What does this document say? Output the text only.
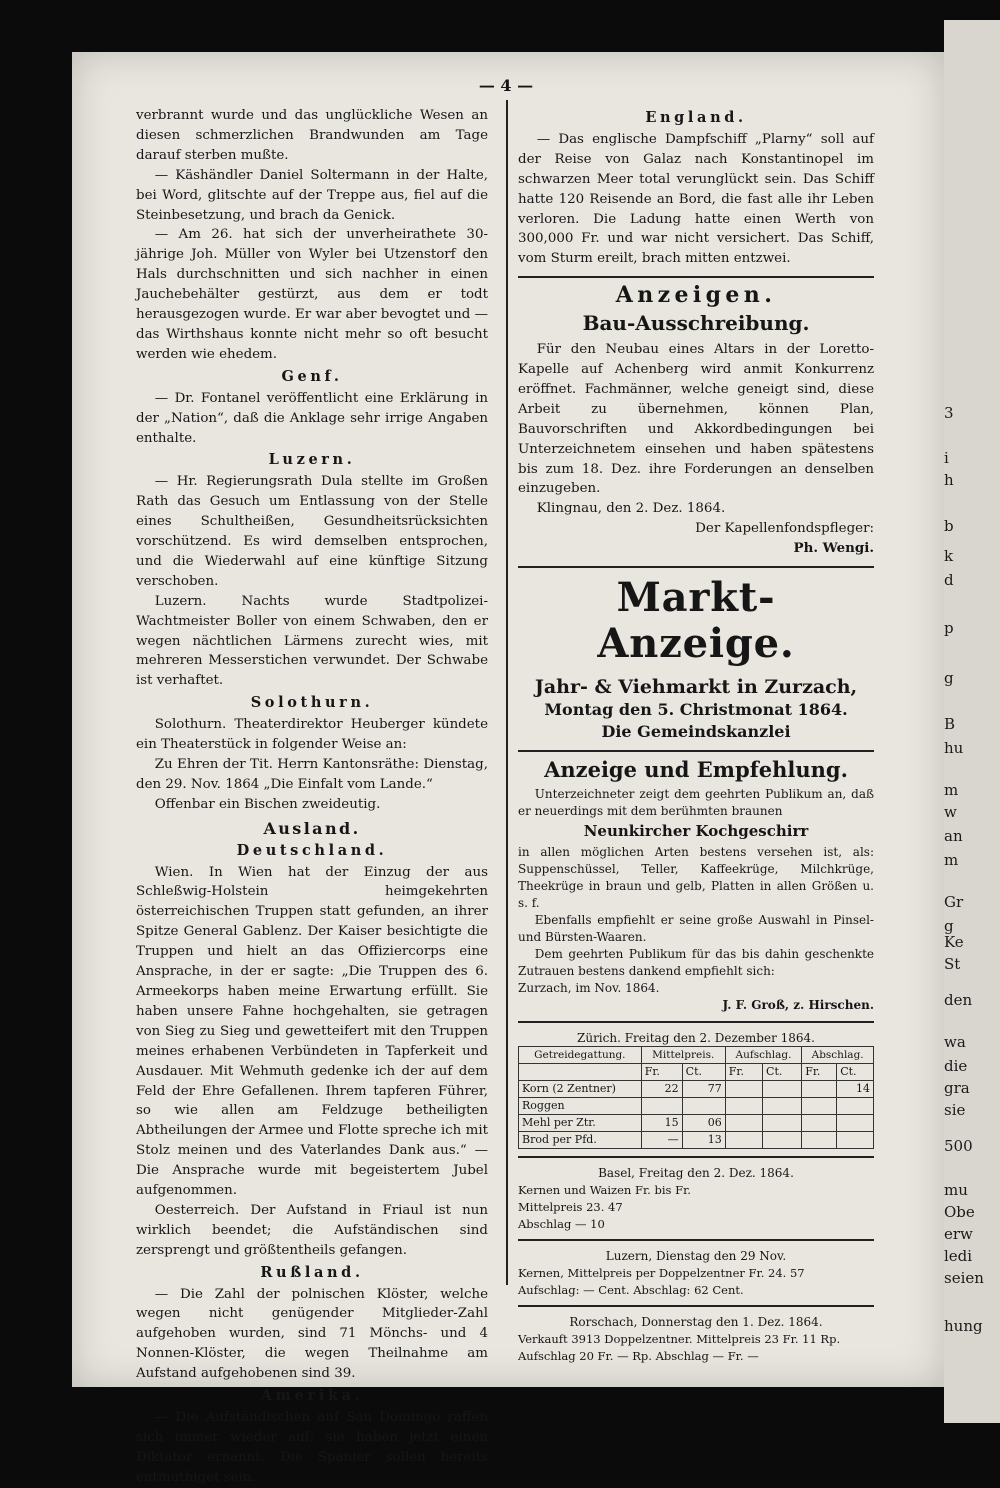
3
i
h
b
k
d
p
g
B
hu
m
w
an
m
Gr
g
Ke
St
den
wa
die
gra
sie
500
mu
Obe
erw
ledi
seien
hung
— 4 —

verbrannt wurde und das unglückliche Wesen an diesen schmerzlichen Brandwunden am Tage darauf sterben mußte.

— Käshändler Daniel Soltermann in der Halte, bei Word, glitschte auf der Treppe aus, fiel auf die Steinbesetzung, und brach da Genick.

— Am 26. hat sich der unverheirathete 30-jährige Joh. Müller von Wyler bei Utzenstorf den Hals durchschnitten und sich nachher in einen Jauchebehälter gestürzt, aus dem er todt herausgezogen wurde. Er war aber bevogtet und — das Wirthshaus konnte nicht mehr so oft besucht werden wie ehedem.

Genf.

— Dr. Fontanel veröffentlicht eine Erklärung in der „Nation“, daß die Anklage sehr irrige Angaben enthalte.

Luzern.

— Hr. Regierungsrath Dula stellte im Großen Rath das Gesuch um Entlassung von der Stelle eines Schultheißen, Gesundheitsrücksichten vorschützend. Es wird demselben entsprochen, und die Wiederwahl auf eine künftige Sitzung verschoben.

Luzern. Nachts wurde Stadtpolizei-Wachtmeister Boller von einem Schwaben, den er wegen nächtlichen Lärmens zurecht wies, mit mehreren Messerstichen verwundet. Der Schwabe ist verhaftet.

Solothurn.

Solothurn. Theaterdirektor Heuberger kündete ein Theaterstück in folgender Weise an:

Zu Ehren der Tit. Herrn Kantonsräthe: Dienstag, den 29. Nov. 1864 „Die Einfalt vom Lande.“

Offenbar ein Bischen zweideutig.

Ausland.
Deutschland.

Wien. In Wien hat der Einzug der aus Schleßwig-Holstein heimgekehrten österreichischen Truppen statt gefunden, an ihrer Spitze General Gablenz. Der Kaiser besichtigte die Truppen und hielt an das Offiziercorps eine Ansprache, in der er sagte: „Die Truppen des 6. Armeekorps haben meine Erwartung erfüllt. Sie haben unsere Fahne hochgehalten, sie getragen von Sieg zu Sieg und gewetteifert mit den Truppen meines erhabenen Verbündeten in Tapferkeit und Ausdauer. Mit Wehmuth gedenke ich der auf dem Feld der Ehre Gefallenen. Ihrem tapferen Führer, so wie allen am Feldzuge betheiligten Abtheilungen der Armee und Flotte spreche ich mit Stolz meinen und des Vaterlandes Dank aus.“ — Die Ansprache wurde mit begeistertem Jubel aufgenommen.

Oesterreich. Der Aufstand in Friaul ist nun wirklich beendet; die Aufständischen sind zersprengt und größtentheils gefangen.

Rußland.

— Die Zahl der polnischen Klöster, welche wegen nicht genügender Mitglieder-Zahl aufgehoben wurden, sind 71 Mönchs- und 4 Nonnen-Klöster, die wegen Theilnahme am Aufstand aufgehobenen sind 39.

Amerika.

— Die Aufständischen auf San Domingo raffen sich immer wieder auf; sie haben jetzt einen Diktator ernannt. Die Spanier sollen bereits entmuthiget sein.

England.

— Das englische Dampfschiff „Plarny“ soll auf der Reise von Galaz nach Konstantinopel im schwarzen Meer total verunglückt sein. Das Schiff hatte 120 Reisende an Bord, die fast alle ihr Leben verloren. Die Ladung hatte einen Werth von 300,000 Fr. und war nicht versichert. Das Schiff, vom Sturm ereilt, brach mitten entzwei.

Anzeigen.
Bau-Ausschreibung.

Für den Neubau eines Altars in der Loretto-Kapelle auf Achenberg wird anmit Konkurrenz eröffnet. Fachmänner, welche geneigt sind, diese Arbeit zu übernehmen, können Plan, Bauvorschriften und Akkordbedingungen bei Unterzeichnetem einsehen und haben spätestens bis zum 18. Dez. ihre Forderungen an denselben einzugeben.

Klingnau, den 2. Dez. 1864.

Der Kapellenfondspfleger:

Ph. Wengi.

Markt-Anzeige.
Jahr- & Viehmarkt in Zurzach,
Montag den 5. Christmonat 1864.
Die Gemeindskanzlei
Anzeige und Empfehlung.

Unterzeichneter zeigt dem geehrten Publikum an, daß er neuerdings mit dem berühmten braunen

Neunkircher Kochgeschirr

in allen möglichen Arten bestens versehen ist, als: Suppenschüssel, Teller, Kaffeekrüge, Milchkrüge, Theekrüge in braun und gelb, Platten in allen Größen u. s. f.

Ebenfalls empfiehlt er seine große Auswahl in Pinsel- und Bürsten-Waaren.

Dem geehrten Publikum für das bis dahin geschenkte Zutrauen bestens dankend empfiehlt sich:

Zurzach, im Nov. 1864.

J. F. Groß, z. Hirschen.

Zürich. Freitag den 2. Dezember 1864.
Getreidegattung.	Mittelpreis.		Aufschlag.		Abschlag.	
	Fr.	Ct.	Fr.	Ct.	Fr.	Ct.
Korn (2 Zentner)	22	77				14
Roggen						
Mehl per Ztr.	15	06				
Brod per Pfd.	—	13				
Basel, Freitag den 2. Dez. 1864.
Kernen und Waizen Fr. bis Fr.
Mittelpreis 23. 47
Abschlag — 10
Luzern, Dienstag den 29 Nov.
Kernen, Mittelpreis per Doppelzentner Fr. 24. 57
Aufschlag: — Cent. Abschlag: 62 Cent.
Rorschach, Donnerstag den 1. Dez. 1864.
Verkauft 3913 Doppelzentner. Mittelpreis 23 Fr. 11 Rp.
Aufschlag 20 Fr. — Rp. Abschlag — Fr. —
